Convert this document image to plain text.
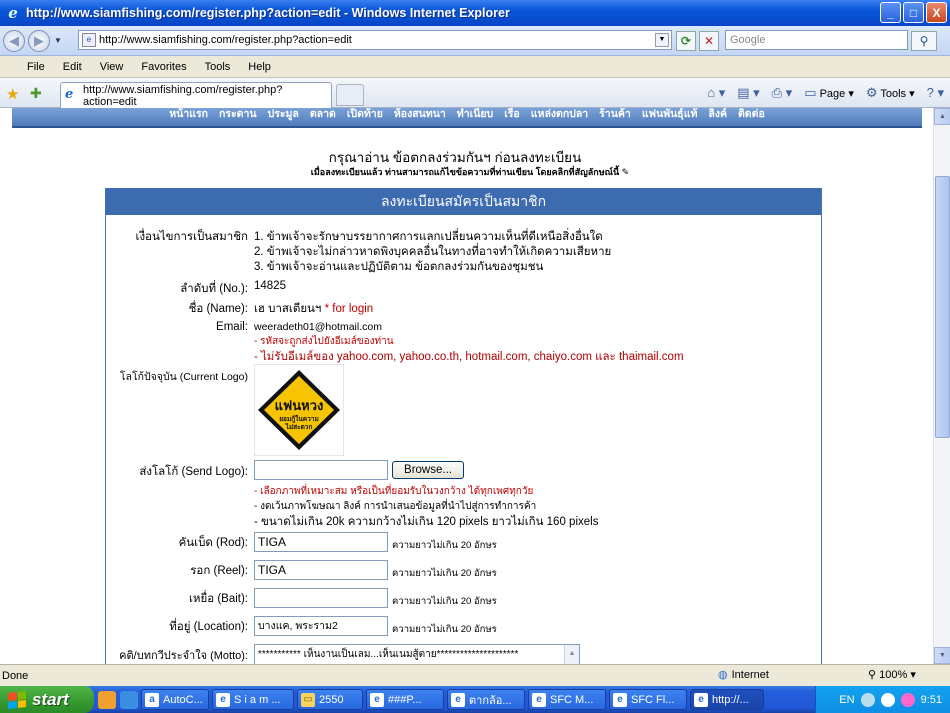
e http://www.siamfishing.com/register.php?action=edit - Windows Internet Explorer	_	□	X
◀	▶	▼	e http://www.siamfishing.com/register.php?action=edit	▼	⟳	✕	Google	⚲
File	Edit	View	Favorites	Tools	Help
★ ✚ e http://www.siamfishing.com/register.php?action=edit
⌂ ▾ ▤ ▾ ⎙ ▾ ▭ Page ▾ ⚙ Tools ▾ ? ▾
หน้าแรก กระดาน ประมูล ตลาด เปิดท้าย ห้องสนทนา ทำเนียบ เรือ แหล่งตกปลา ร้านค้า แฟนพันธุ์แท้ ลิงค์ ติดต่อ
กรุณาอ่าน ข้อตกลงร่วมกันฯ ก่อนลงทะเบียน
เมื่อลงทะเบียนแล้ว ท่านสามารถแก้ไขข้อความที่ท่านเขียน โดยคลิกที่สัญลักษณ์นี้ ✎
ลงทะเบียนสมัครเป็นสมาชิก
เงื่อนไขการเป็นสมาชิก 1. ข้าพเจ้าจะรักษาบรรยากาศการแลกเปลี่ยนความเห็นที่ดีเหนือสิ่งอื่นใด
2. ข้าพเจ้าจะไม่กล่าวหาดพิงบุคคลอื่นในทางที่อาจทำให้เกิดความเสียหาย
3. ข้าพเจ้าจะอ่านและปฏิบัติตาม ข้อตกลงร่วมกันของชุมชน
ลำดับที่ (No.): 14825
ชื่อ (Name): เฮ บาสเตียนฯ * for login
Email: weeradeth01@hotmail.com
- รหัสจะถูกส่งไปยังอีเมล์ของท่าน
- ไม่รับอีเมล์ของ yahoo.com, yahoo.co.th, hotmail.com, chaiyo.com และ thaimail.com
โลโก้ปัจจุบัน (Current Logo)
แฟนหวง
ยอมกู้ในความ
ไม่สะดวก
ส่งโลโก้ (Send Logo):	Browse...
- เลือกภาพที่เหมาะสม หรือเป็นที่ยอมรับในวงกว้าง ได้ทุกเพศทุกวัย
- งดเว้นภาพโฆษณา ลิงค์ การนำเสนอข้อมูลที่นำไปสู่การทำการค้า
- ขนาดไม่เกิน 20k ความกว้างไม่เกิน 120 pixels ยาวไม่เกิน 160 pixels
คันเบ็ด (Rod): TIGA	ความยาวไม่เกิน 20 อักษร
รอก (Reel): TIGA	ความยาวไม่เกิน 20 อักษร
เหยื่อ (Bait):	ความยาวไม่เกิน 20 อักษร
ที่อยู่ (Location): บางแค, พระราม2	ความยาวไม่เกิน 20 อักษร
คติ/บทกวีประจำใจ (Motto):	*********** เห็นงานเป็นเลม...เห็นเนมสู้ตาย*********************	▲
▲
▼
Done	◍ Internet	⚲ 100% ▾
start	a AutoC...	e S i a m ... ▭ 2550	e ###P...	e ตากล้อ...	e SFC M...	e SFC Fl...	e http://...	EN	9:51
